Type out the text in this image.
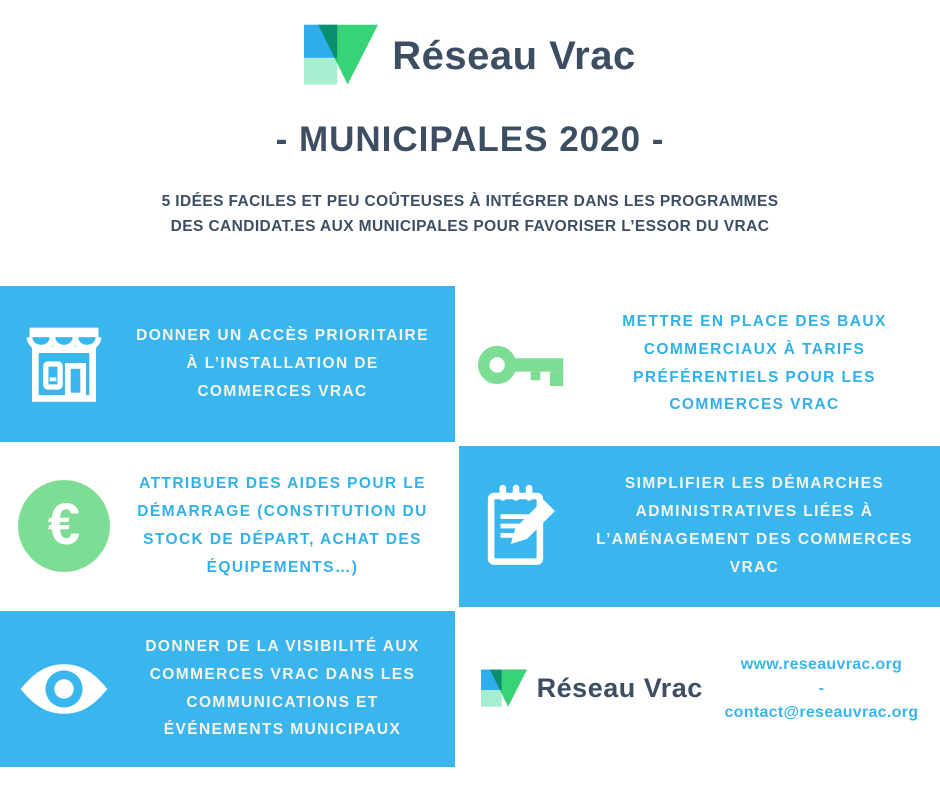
Réseau Vrac
- MUNICIPALES 2020 -
5 IDÉES FACILES ET PEU COÛTEUSES À INTÉGRER DANS LES PROGRAMMES
DES CANDIDAT.ES AUX MUNICIPALES POUR FAVORISER L’ESSOR DU VRAC
DONNER UN ACCÈS PRIORITAIRE À L’INSTALLATION DE COMMERCES VRAC
METTRE EN PLACE DES BAUX COMMERCIAUX À TARIFS PRÉFÉRENTIELS POUR LES COMMERCES VRAC
€
ATTRIBUER DES AIDES POUR LE DÉMARRAGE (CONSTITUTION DU STOCK DE DÉPART, ACHAT DES ÉQUIPEMENTS…)
SIMPLIFIER LES DÉMARCHES ADMINISTRATIVES LIÉES À L’AMÉNAGEMENT DES COMMERCES VRAC
DONNER DE LA VISIBILITÉ AUX COMMERCES VRAC DANS LES COMMUNICATIONS ET ÉVÉNEMENTS MUNICIPAUX
Réseau Vrac
www.reseauvrac.org
-
contact@reseauvrac.org
